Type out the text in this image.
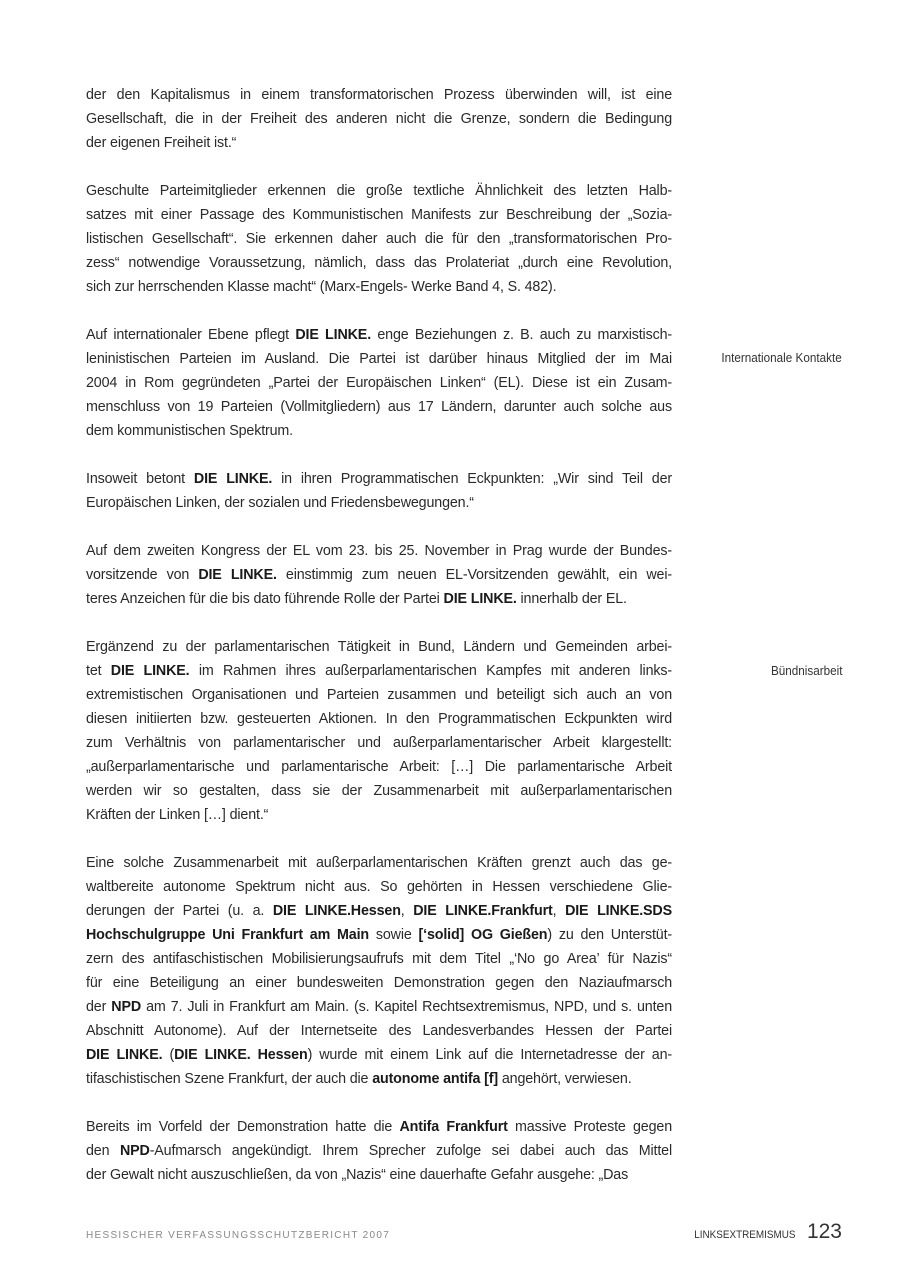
der den Kapitalismus in einem transformatorischen Prozess überwinden will, ist eine
Gesellschaft, die in der Freiheit des anderen nicht die Grenze, sondern die Bedingung
der eigenen Freiheit ist.“
Geschulte Parteimitglieder erkennen die große textliche Ähnlichkeit des letzten Halb-
satzes mit einer Passage des Kommunistischen Manifests zur Beschreibung der „Sozia-
listischen Gesellschaft“. Sie erkennen daher auch die für den „transformatorischen Pro-
zess“ notwendige Voraussetzung, nämlich, dass das Prolateriat „durch eine Revolution,
sich zur herrschenden Klasse macht“ (Marx-Engels- Werke Band 4, S. 482).
Auf internationaler Ebene pflegt DIE LINKE. enge Beziehungen z. B. auch zu marxistisch-
leninistischen Parteien im Ausland. Die Partei ist darüber hinaus Mitglied der im Mai
2004 in Rom gegründeten „Partei der Europäischen Linken“ (EL). Diese ist ein Zusam-
menschluss von 19 Parteien (Vollmitgliedern) aus 17 Ländern, darunter auch solche aus
dem kommunistischen Spektrum.
Insoweit betont DIE LINKE. in ihren Programmatischen Eckpunkten: „Wir sind Teil der
Europäischen Linken, der sozialen und Friedensbewegungen.“
Auf dem zweiten Kongress der EL vom 23. bis 25. November in Prag wurde der Bundes-
vorsitzende von DIE LINKE. einstimmig zum neuen EL-Vorsitzenden gewählt, ein wei-
teres Anzeichen für die bis dato führende Rolle der Partei DIE LINKE. innerhalb der EL.
Ergänzend zu der parlamentarischen Tätigkeit in Bund, Ländern und Gemeinden arbei-
tet DIE LINKE. im Rahmen ihres außerparlamentarischen Kampfes mit anderen links-
extremistischen Organisationen und Parteien zusammen und beteiligt sich auch an von
diesen initiierten bzw. gesteuerten Aktionen. In den Programmatischen Eckpunkten wird
zum Verhältnis von parlamentarischer und außerparlamentarischer Arbeit klargestellt:
„außerparlamentarische und parlamentarische Arbeit: […] Die parlamentarische Arbeit
werden wir so gestalten, dass sie der Zusammenarbeit mit außerparlamentarischen
Kräften der Linken […] dient.“
Eine solche Zusammenarbeit mit außerparlamentarischen Kräften grenzt auch das ge-
waltbereite autonome Spektrum nicht aus. So gehörten in Hessen verschiedene Glie-
derungen der Partei (u. a. DIE LINKE.Hessen, DIE LINKE.Frankfurt, DIE LINKE.SDS
Hochschulgruppe Uni Frankfurt am Main sowie [‘solid] OG Gießen) zu den Unterstüt-
zern des antifaschistischen Mobilisierungsaufrufs mit dem Titel „‘No go Area’ für Nazis“
für eine Beteiligung an einer bundesweiten Demonstration gegen den Naziaufmarsch
der NPD am 7. Juli in Frankfurt am Main. (s. Kapitel Rechtsextremismus, NPD, und s. unten
Abschnitt Autonome). Auf der Internetseite des Landesverbandes Hessen der Partei
DIE LINKE. (DIE LINKE. Hessen) wurde mit einem Link auf die Internetadresse der an-
tifaschistischen Szene Frankfurt, der auch die autonome antifa [f] angehört, verwiesen.
Bereits im Vorfeld der Demonstration hatte die Antifa Frankfurt massive Proteste gegen
den NPD-Aufmarsch angekündigt. Ihrem Sprecher zufolge sei dabei auch das Mittel
der Gewalt nicht auszuschließen, da von „Nazis“ eine dauerhafte Gefahr ausgehe: „Das
Internationale Kontakte
Bündnisarbeit
HESSISCHER VERFASSUNGSSCHUTZBERICHT 2007	LINKSEXTREMISMUS 123
